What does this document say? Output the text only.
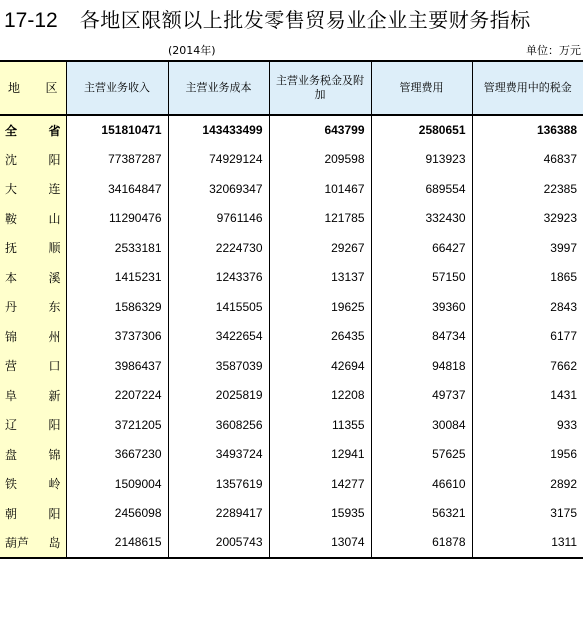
17-12 各地区限额以上批发零售贸易业企业主要财务指标
(2014年)	单位：万元
地 区	主营业务收入	主营业务成本	主营业务税金及附加	管理费用	管理费用中的税金

全 省	151810471	143433499	643799	2580651	136388

沈 阳	77387287	74929124	209598	913923	46837

大 连	34164847	32069347	101467	689554	22385

鞍 山	11290476	9761146	121785	332430	32923

抚 顺	2533181	2224730	29267	66427	3997

本 溪	1415231	1243376	13137	57150	1865

丹 东	1586329	1415505	19625	39360	2843

锦 州	3737306	3422654	26435	84734	6177

营 口	3986437	3587039	42694	94818	7662

阜 新	2207224	2025819	12208	49737	1431

辽 阳	3721205	3608256	11355	30084	933

盘 锦	3667230	3493724	12941	57625	1956

铁 岭	1509004	1357619	14277	46610	2892

朝 阳	2456098	2289417	15935	56321	3175

葫芦 岛	2148615	2005743	13074	61878	1311
